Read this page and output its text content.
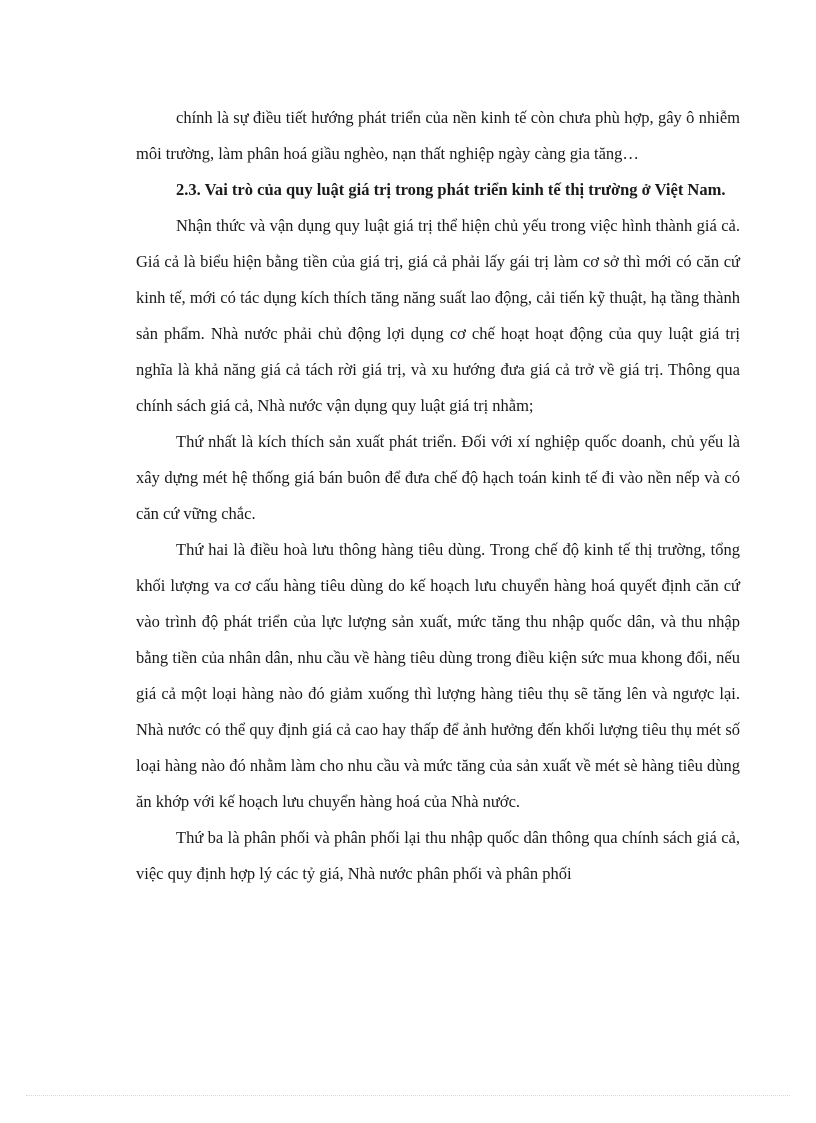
chính là sự điều tiết hướng phát triển của nền kinh tế còn chưa phù hợp, gây ô nhiễm môi trường, làm phân hoá giầu nghèo, nạn thất nghiệp ngày càng gia tăng…

2.3. Vai trò của quy luật giá trị trong phát triển kinh tế thị trường ở Việt Nam.

Nhận thức và vận dụng quy luật giá trị thể hiện chủ yếu trong việc hình thành giá cả. Giá cả là biểu hiện bằng tiền của giá trị, giá cả phải lấy gái trị làm cơ sở thì mới có căn cứ kinh tế, mới có tác dụng kích thích tăng năng suất lao động, cải tiến kỹ thuật, hạ tầng thành sản phẩm. Nhà nước phải chủ động lợi dụng cơ chế hoạt hoạt động của quy luật giá trị nghĩa là khả năng giá cả tách rời giá trị, và xu hướng đưa giá cả trở về giá trị. Thông qua chính sách giá cả, Nhà nước vận dụng quy luật giá trị nhằm;

Thứ nhất là kích thích sản xuất phát triển. Đối với xí nghiệp quốc doanh, chủ yếu là xây dựng mét hệ thống giá bán buôn để đưa chế độ hạch toán kinh tế đi vào nền nếp và có căn cứ vững chắc.

Thứ hai là điều hoà lưu thông hàng tiêu dùng. Trong chế độ kinh tế thị trường, tổng khối lượng va cơ cấu hàng tiêu dùng do kế hoạch lưu chuyển hàng hoá quyết định căn cứ vào trình độ phát triển của lực lượng sản xuất, mức tăng thu nhập quốc dân, và thu nhập bằng tiền của nhân dân, nhu cầu về hàng tiêu dùng trong điều kiện sức mua khong đổi, nếu giá cả một loại hàng nào đó giảm xuống thì lượng hàng tiêu thụ sẽ tăng lên và ngược lại. Nhà nước có thể quy định giá cả cao hay thấp để ảnh hưởng đến khối lượng tiêu thụ mét số loại hàng nào đó nhằm làm cho nhu cầu và mức tăng của sản xuất về mét sè hàng tiêu dùng ăn khớp với kế hoạch lưu chuyển hàng hoá của Nhà nước.

Thứ ba là phân phối và phân phối lại thu nhập quốc dân thông qua chính sách giá cả, việc quy định hợp lý các tỷ giá, Nhà nước phân phối và phân phối
